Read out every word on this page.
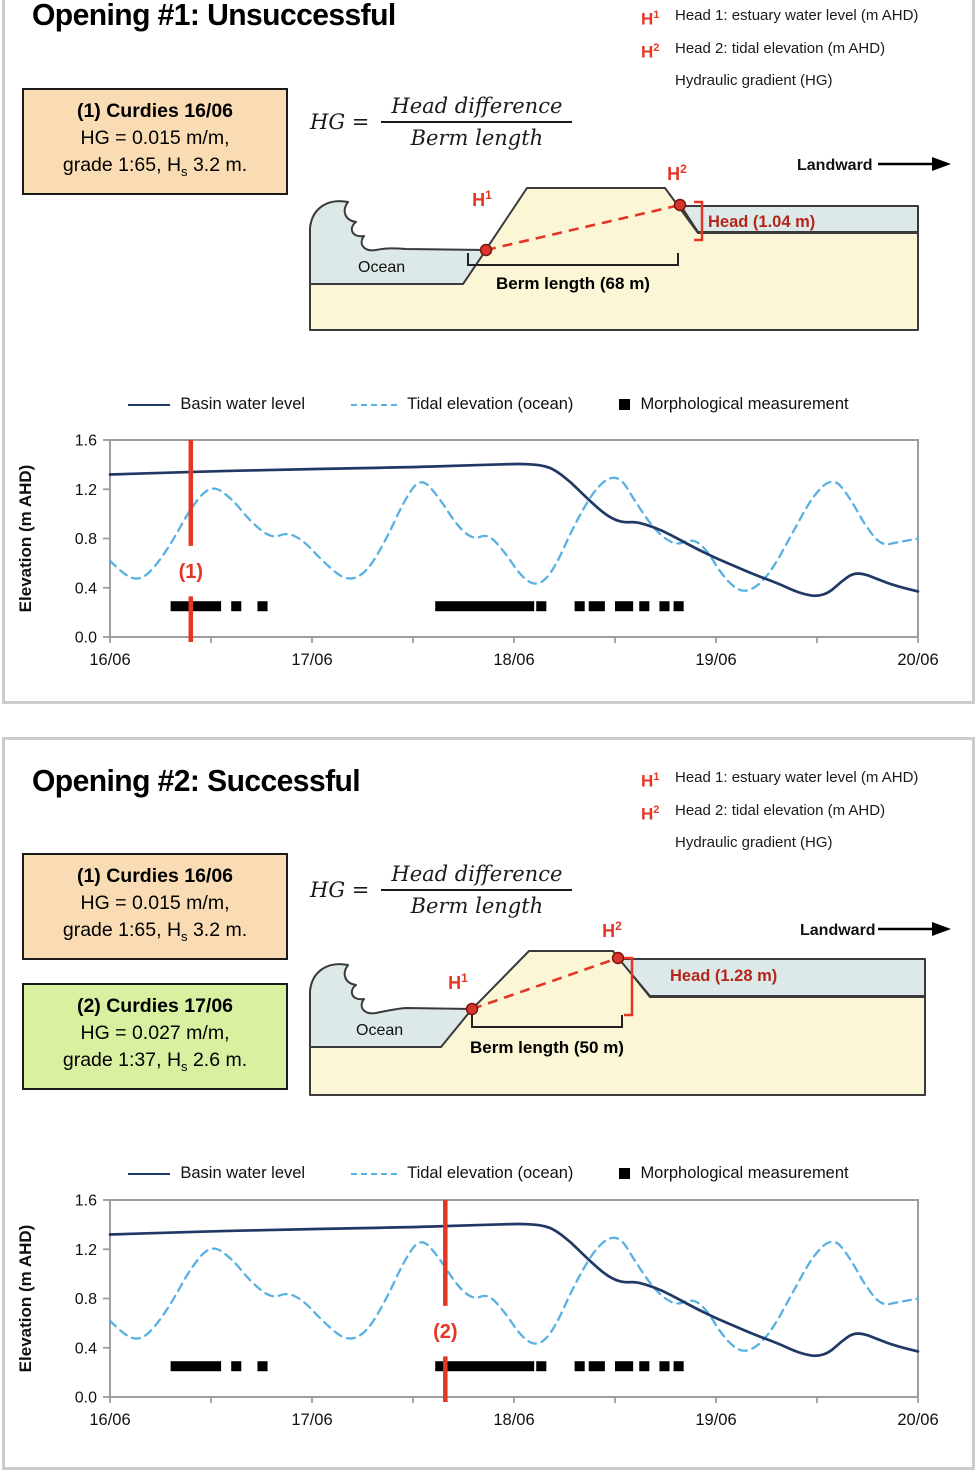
Opening #1: Unsuccessful	$H^1$	Head 1: estuary water level (m AHD)
$H^2$	Head 2: tidal elevation (m AHD)
Hydraulic gradient (HG)
(1) Curdies 16/06
HG = 0.015 m/m,
grade 1:65, $H_s$ 3.2 m.
HG = $\frac{\text{Head difference}}{\text{Berm length}}$
$H^1$
$H^2$
Head (1.04 m)
Berm length (68 m)
Ocean
Landward
Basin water level	Tidal elevation (ocean)	Morphological measurement
0.0
0.4
0.8
1.2
1.6
16/06	17/06	18/06	19/06	20/06
Elevation (m AHD)	(1)
Opening #2: Successful	$H^1$	Head 1: estuary water level (m AHD)
$H^2$	Head 2: tidal elevation (m AHD)
Hydraulic gradient (HG)
(1) Curdies 16/06
HG = 0.015 m/m,
grade 1:65, $H_s$ 3.2 m.
(2) Curdies 17/06
HG = 0.027 m/m,
grade 1:37, $H_s$ 2.6 m.
HG = $\frac{\text{Head difference}}{\text{Berm length}}$
$H^1$
$H^2$
Head (1.28 m)
Berm length (50 m)
Ocean
Landward
Basin water level	Tidal elevation (ocean)	Morphological measurement
0.0
0.4
0.8
1.2
1.6
16/06	17/06	18/06	19/06	20/06
Elevation (m AHD)	(2)
